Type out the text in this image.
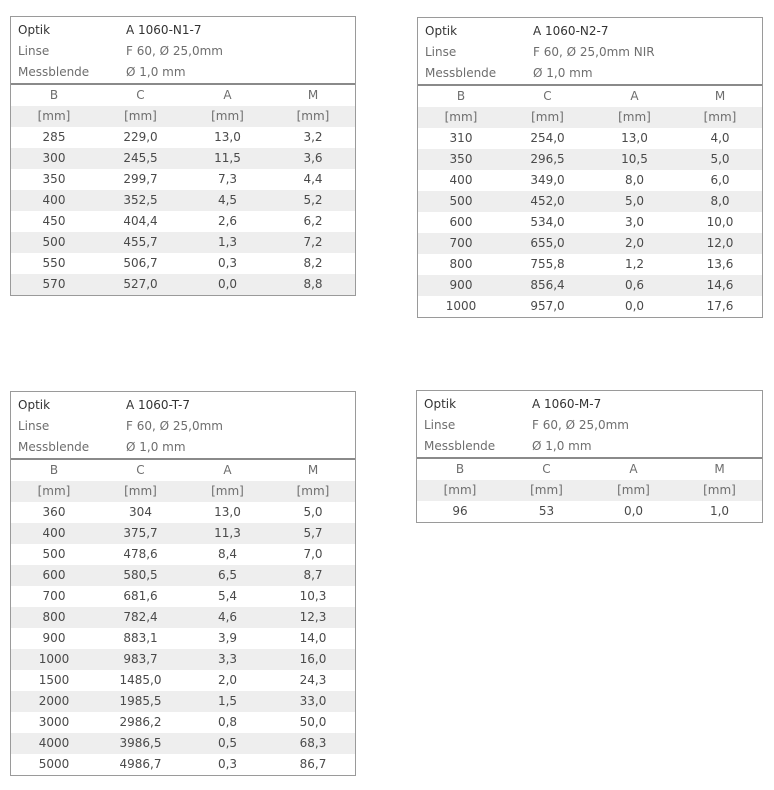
Optik	A 1060-N1-7
Linse	F 60, Ø 25,0mm
Messblende	Ø 1,0 mm
B	C	A	M
[mm]	[mm]	[mm]	[mm]
285	229,0	13,0	3,2
300	245,5	11,5	3,6
350	299,7	7,3	4,4
400	352,5	4,5	5,2
450	404,4	2,6	6,2
500	455,7	1,3	7,2
550	506,7	0,3	8,2
570	527,0	0,0	8,8
Optik	A 1060-N2-7
Linse	F 60, Ø 25,0mm NIR
Messblende	Ø 1,0 mm
B	C	A	M
[mm]	[mm]	[mm]	[mm]
310	254,0	13,0	4,0
350	296,5	10,5	5,0
400	349,0	8,0	6,0
500	452,0	5,0	8,0
600	534,0	3,0	10,0
700	655,0	2,0	12,0
800	755,8	1,2	13,6
900	856,4	0,6	14,6
1000	957,0	0,0	17,6
Optik	A 1060-T-7
Linse	F 60, Ø 25,0mm
Messblende	Ø 1,0 mm
B	C	A	M
[mm]	[mm]	[mm]	[mm]
360	304	13,0	5,0
400	375,7	11,3	5,7
500	478,6	8,4	7,0
600	580,5	6,5	8,7
700	681,6	5,4	10,3
800	782,4	4,6	12,3
900	883,1	3,9	14,0
1000	983,7	3,3	16,0
1500	1485,0	2,0	24,3
2000	1985,5	1,5	33,0
3000	2986,2	0,8	50,0
4000	3986,5	0,5	68,3
5000	4986,7	0,3	86,7
Optik	A 1060-M-7
Linse	F 60, Ø 25,0mm
Messblende	Ø 1,0 mm
B	C	A	M
[mm]	[mm]	[mm]	[mm]
96	53	0,0	1,0
